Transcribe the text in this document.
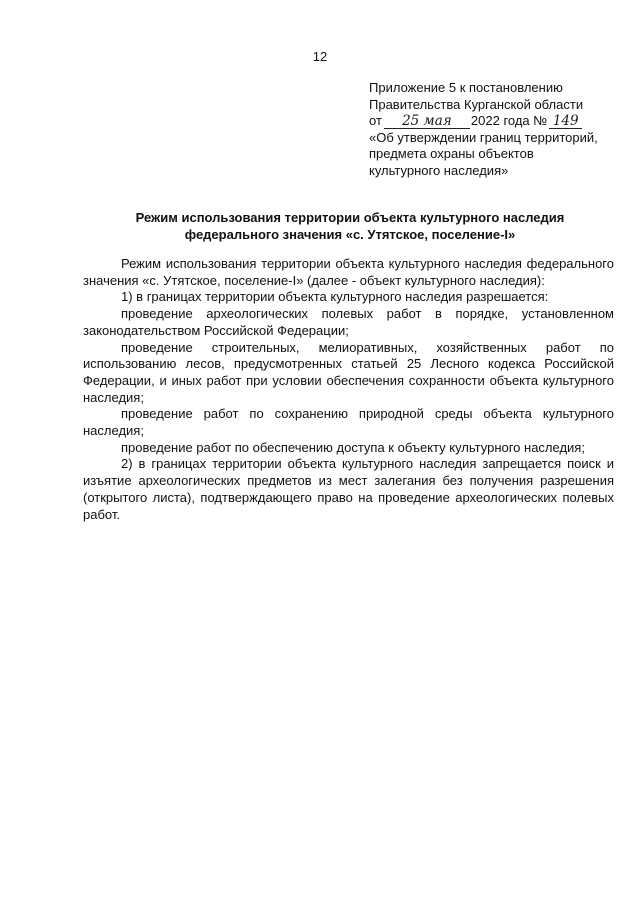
12
Приложение 5 к постановлению
Правительства Курганской области
от 25 мая 2022 года № 149
«Об утверждении границ территорий,
предмета охраны объектов
культурного наследия»
Режим использования территории объекта культурного наследия
федерального значения «с. Утятское, поселение-I»

Режим использования территории объекта культурного наследия федерального значения «с. Утятское, поселение-I» (далее - объект культурного наследия):

1) в границах территории объекта культурного наследия разрешается:

проведение археологических полевых работ в порядке, установленном законодательством Российской Федерации;

проведение строительных, мелиоративных, хозяйственных работ по использованию лесов, предусмотренных статьей 25 Лесного кодекса Российской Федерации, и иных работ при условии обеспечения сохранности объекта культурного наследия;

проведение работ по сохранению природной среды объекта культурного наследия;

проведение работ по обеспечению доступа к объекту культурного наследия;

2) в границах территории объекта культурного наследия запрещается поиск и изъятие археологических предметов из мест залегания без получения разрешения (открытого листа), подтверждающего право на проведение археологических полевых работ.
